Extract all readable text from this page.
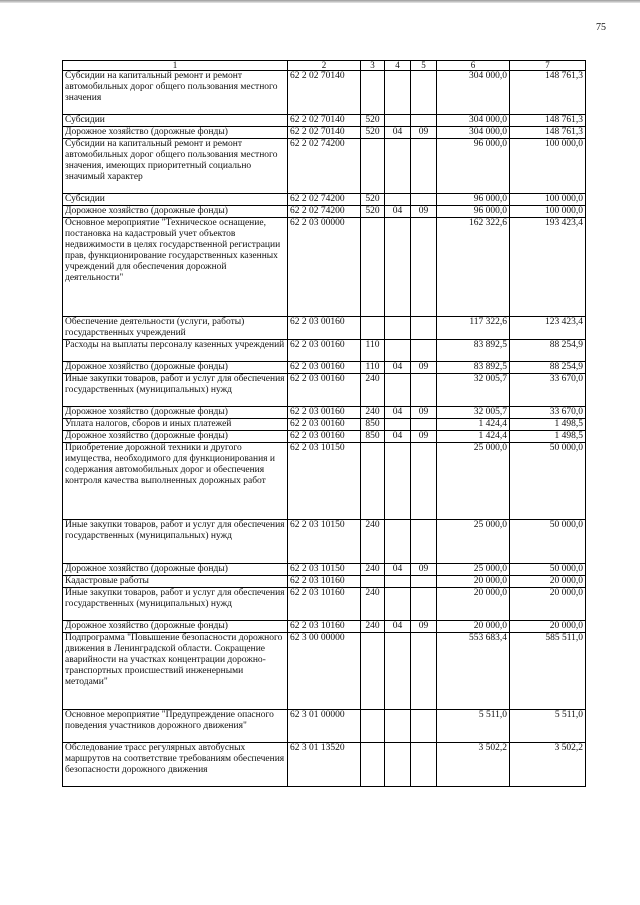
75
1	2	3	4	5	6	7
Субсидии на капитальный ремонт и ремонт автомобильных дорог общего пользования местного значения	62 2 02 70140				304 000,0	148 761,3
Субсидии	62 2 02 70140	520			304 000,0	148 761,3
Дорожное хозяйство (дорожные фонды)	62 2 02 70140	520	04	09	304 000,0	148 761,3
Субсидии на капитальный ремонт и ремонт автомобильных дорог общего пользования местного значения, имеющих приоритетный социально значимый характер	62 2 02 74200				96 000,0	100 000,0
Субсидии	62 2 02 74200	520			96 000,0	100 000,0
Дорожное хозяйство (дорожные фонды)	62 2 02 74200	520	04	09	96 000,0	100 000,0
Основное мероприятие "Техническое оснащение, постановка на кадастровый учет объектов недвижимости в целях государственной регистрации прав, функционирование государственных казенных учреждений для обеспечения дорожной деятельности"	62 2 03 00000				162 322,6	193 423,4
Обеспечение деятельности (услуги, работы) государственных учреждений	62 2 03 00160				117 322,6	123 423,4
Расходы на выплаты персоналу казенных учреждений	62 2 03 00160	110			83 892,5	88 254,9
Дорожное хозяйство (дорожные фонды)	62 2 03 00160	110	04	09	83 892,5	88 254,9
Иные закупки товаров, работ и услуг для обеспечения государственных (муниципальных) нужд	62 2 03 00160	240			32 005,7	33 670,0
Дорожное хозяйство (дорожные фонды)	62 2 03 00160	240	04	09	32 005,7	33 670,0
Уплата налогов, сборов и иных платежей	62 2 03 00160	850			1 424,4	1 498,5
Дорожное хозяйство (дорожные фонды)	62 2 03 00160	850	04	09	1 424,4	1 498,5
Приобретение дорожной техники и другого имущества, необходимого для функционирования и содержания автомобильных дорог и обеспечения контроля качества выполненных дорожных работ	62 2 03 10150				25 000,0	50 000,0
Иные закупки товаров, работ и услуг для обеспечения государственных (муниципальных) нужд	62 2 03 10150	240			25 000,0	50 000,0
Дорожное хозяйство (дорожные фонды)	62 2 03 10150	240	04	09	25 000,0	50 000,0
Кадастровые работы	62 2 03 10160				20 000,0	20 000,0
Иные закупки товаров, работ и услуг для обеспечения государственных (муниципальных) нужд	62 2 03 10160	240			20 000,0	20 000,0
Дорожное хозяйство (дорожные фонды)	62 2 03 10160	240	04	09	20 000,0	20 000,0
Подпрограмма "Повышение безопасности дорожного движения в Ленинградской области. Сокращение аварийности на участках концентрации дорожно-транспортных происшествий инженерными методами"	62 3 00 00000				553 683,4	585 511,0
Основное мероприятие "Предупреждение опасного поведения участников дорожного движения"	62 3 01 00000				5 511,0	5 511,0
Обследование трасс регулярных автобусных маршрутов на соответствие требованиям обеспечения безопасности дорожного движения	62 3 01 13520				3 502,2	3 502,2
